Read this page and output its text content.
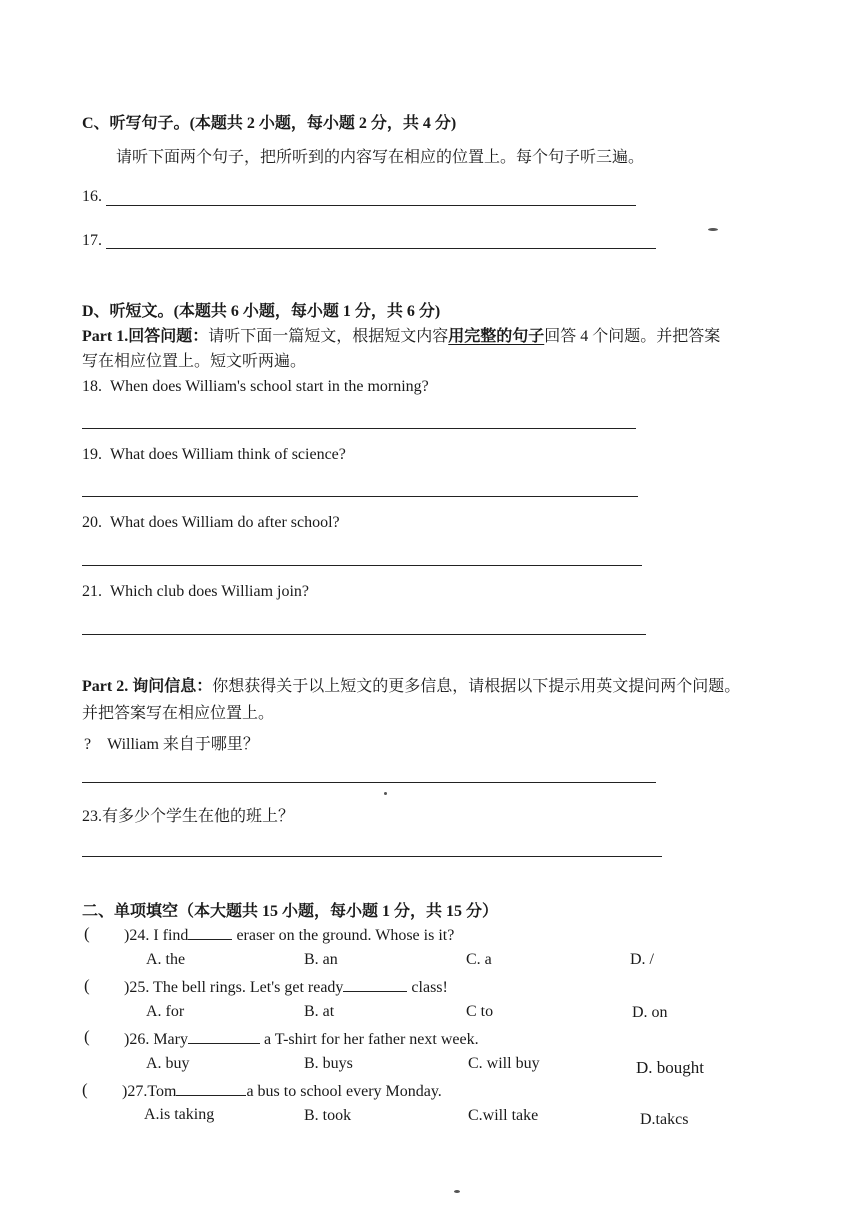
C、听写句子。(本题共 2 小题，每小题 2 分，共 4 分)
请听下面两个句子，把所听到的内容写在相应的位置上。每个句子听三遍。
16.
17.
D、听短文。(本题共 6 小题，每小题 1 分，共 6 分)
Part 1.回答问题：请听下面一篇短文，根据短文内容用完整的句子回答 4 个问题。并把答案
写在相应位置上。短文听两遍。
18. When does William's school start in the morning?
19. What does William think of science?
20. What does William do after school?
21. Which club does William join?
Part 2. 询问信息：你想获得关于以上短文的更多信息，请根据以下提示用英文提问两个问题。
并把答案写在相应位置上。
? William 来自于哪里？
23.有多少个学生在他的班上？
二、单项填空（本大题共 15 小题，每小题 1 分，共 15 分）
( )24. I find	eraser on the ground. Whose is it?
A. the	B. an	C. a	D. /
( )25. The bell rings. Let's get ready	class!
A. for	B. at	C to	D. on
( )26. Mary	a T-shirt for her father next week.
A. buy	B. buys	C. will buy	D. bought
( )27.Tom	a bus to school every Monday.
A.is taking	B. took	C.will take	D.takcs
